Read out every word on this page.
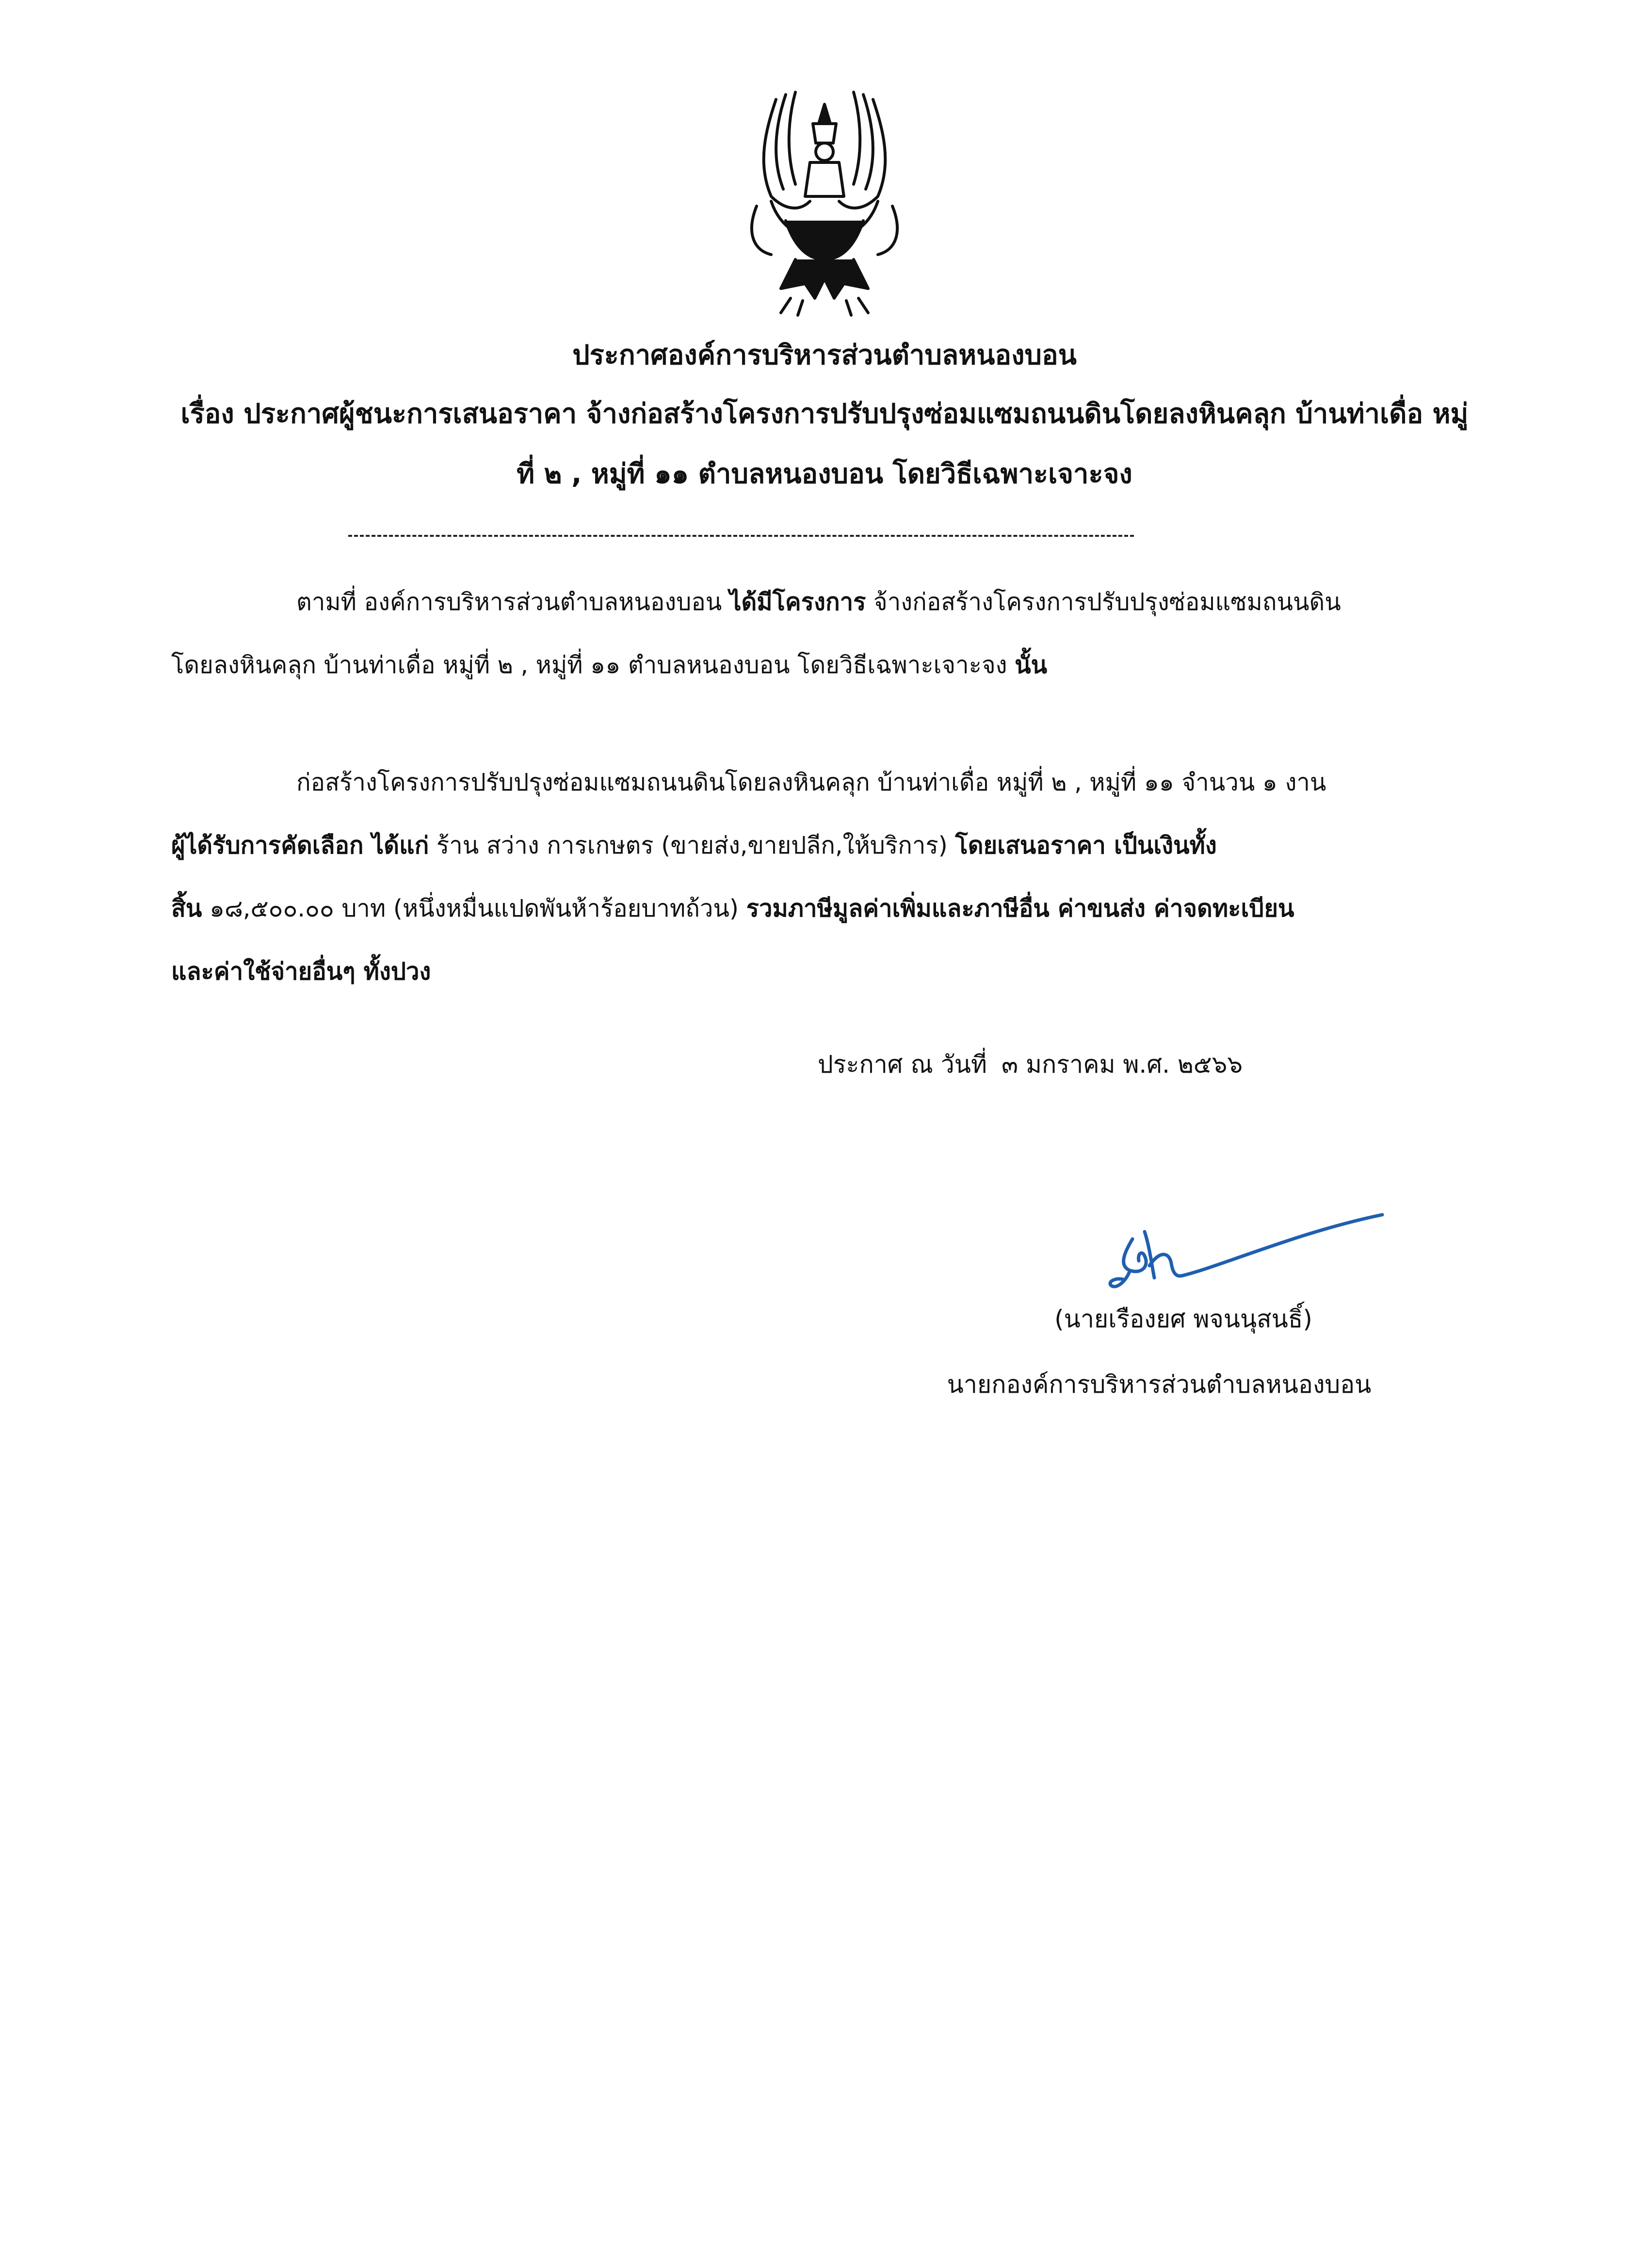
ประกาศองค์การบริหารส่วนตำบลหนองบอน
เรื่อง ประกาศผู้ชนะการเสนอราคา จ้างก่อสร้างโครงการปรับปรุงซ่อมแซมถนนดินโดยลงหินคลุก บ้านท่าเดื่อ หมู่
ที่ ๒ , หมู่ที่ ๑๑ ตำบลหนองบอน โดยวิธีเฉพาะเจาะจง
ตามที่ องค์การบริหารส่วนตำบลหนองบอน ได้มีโครงการ จ้างก่อสร้างโครงการปรับปรุงซ่อมแซมถนนดิน
โดยลงหินคลุก บ้านท่าเดื่อ หมู่ที่ ๒ , หมู่ที่ ๑๑ ตำบลหนองบอน โดยวิธีเฉพาะเจาะจง นั้น
ก่อสร้างโครงการปรับปรุงซ่อมแซมถนนดินโดยลงหินคลุก บ้านท่าเดื่อ หมู่ที่ ๒ , หมู่ที่ ๑๑ จำนวน ๑ งาน
ผู้ได้รับการคัดเลือก ได้แก่ ร้าน สว่าง การเกษตร (ขายส่ง,ขายปลีก,ให้บริการ) โดยเสนอราคา เป็นเงินทั้ง
สิ้น ๑๘,๕๐๐.๐๐ บาท (หนึ่งหมื่นแปดพันห้าร้อยบาทถ้วน) รวมภาษีมูลค่าเพิ่มและภาษีอื่น ค่าขนส่ง ค่าจดทะเบียน
และค่าใช้จ่ายอื่นๆ ทั้งปวง
ประกาศ ณ วันที่ ๓ มกราคม พ.ศ. ๒๕๖๖
(นายเรืองยศ พจนนุสนธิ์)
นายกองค์การบริหารส่วนตำบลหนองบอน
